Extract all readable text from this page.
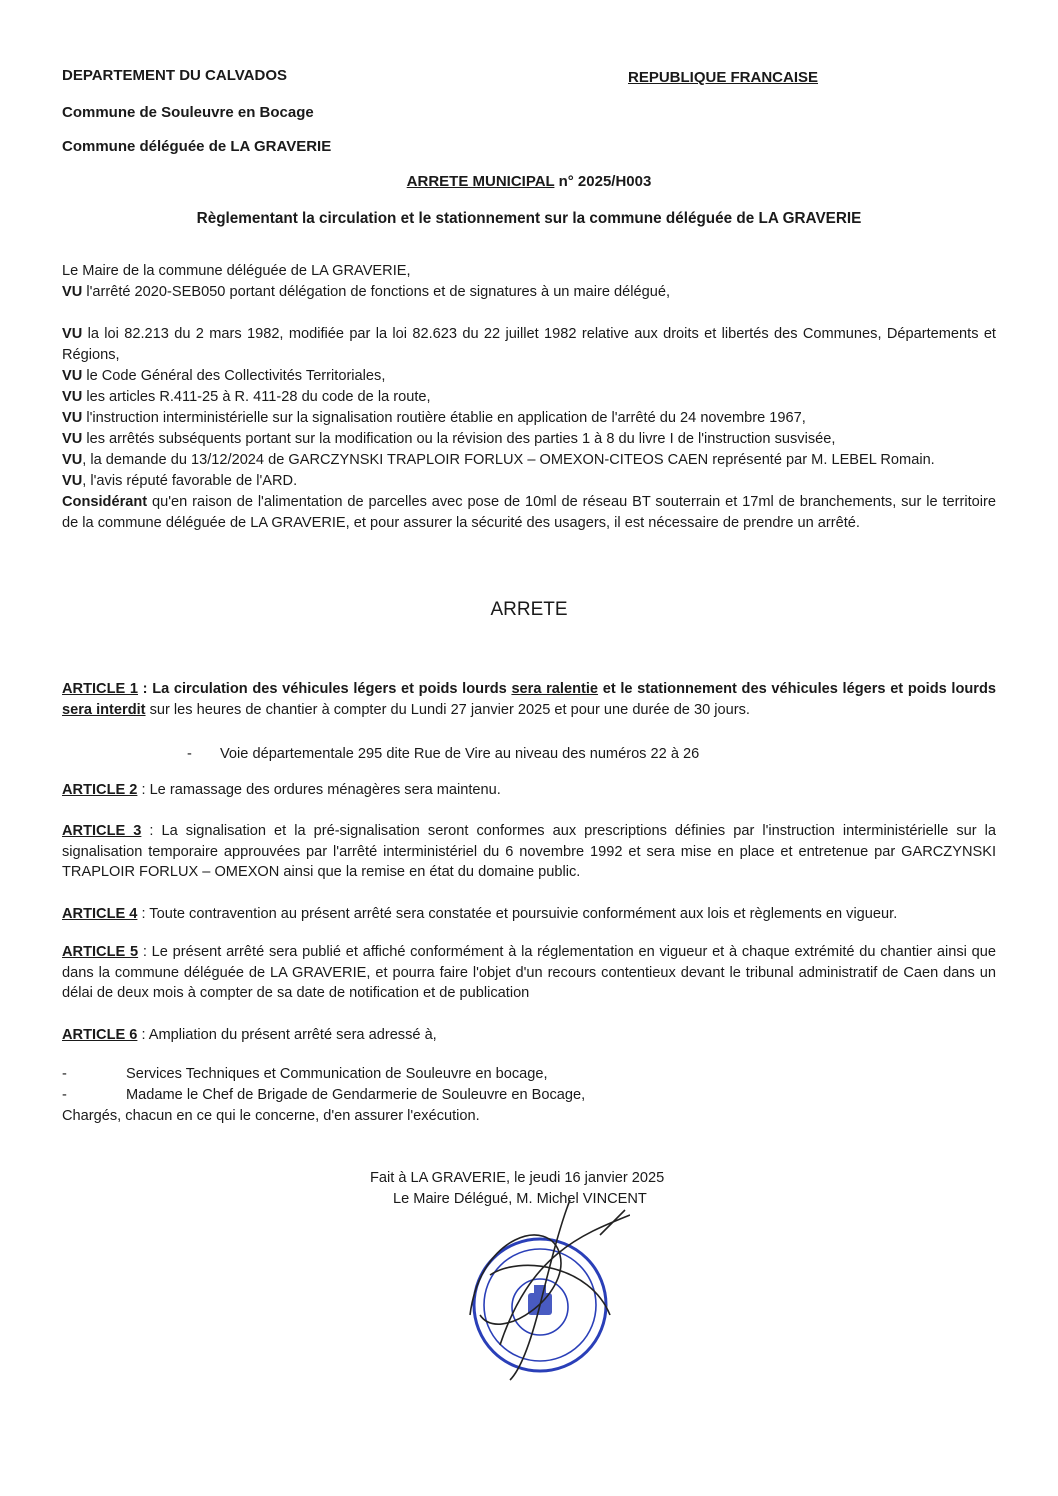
DEPARTEMENT DU CALVADOS	REPUBLIQUE FRANCAISE
Commune de Souleuvre en Bocage
Commune déléguée de LA GRAVERIE
ARRETE MUNICIPAL n° 2025/H003
Règlementant la circulation et le stationnement sur la commune déléguée de LA GRAVERIE
Le Maire de la commune déléguée de LA GRAVERIE,
VU l'arrêté 2020-SEB050 portant délégation de fonctions et de signatures à un maire délégué,
VU la loi 82.213 du 2 mars 1982, modifiée par la loi 82.623 du 22 juillet 1982 relative aux droits et libertés des Communes, Départements et Régions,
VU le Code Général des Collectivités Territoriales,
VU les articles R.411-25 à R. 411-28 du code de la route,
VU l'instruction interministérielle sur la signalisation routière établie en application de l'arrêté du 24 novembre 1967,
VU les arrêtés subséquents portant sur la modification ou la révision des parties 1 à 8 du livre I de l'instruction susvisée,
VU, la demande du 13/12/2024 de GARCZYNSKI TRAPLOIR FORLUX – OMEXON-CITEOS CAEN représenté par M. LEBEL Romain.
VU, l'avis réputé favorable de l'ARD.
Considérant qu'en raison de l'alimentation de parcelles avec pose de 10ml de réseau BT souterrain et 17ml de branchements, sur le territoire de la commune déléguée de LA GRAVERIE, et pour assurer la sécurité des usagers, il est nécessaire de prendre un arrêté.
ARRETE
ARTICLE 1 : La circulation des véhicules légers et poids lourds sera ralentie et le stationnement des véhicules légers et poids lourds sera interdit sur les heures de chantier à compter du Lundi 27 janvier 2025 et pour une durée de 30 jours.
- Voie départementale 295 dite Rue de Vire au niveau des numéros 22 à 26
ARTICLE 2 : Le ramassage des ordures ménagères sera maintenu.
ARTICLE 3 : La signalisation et la pré-signalisation seront conformes aux prescriptions définies par l'instruction interministérielle sur la signalisation temporaire approuvées par l'arrêté interministériel du 6 novembre 1992 et sera mise en place et entretenue par GARCZYNSKI TRAPLOIR FORLUX – OMEXON ainsi que la remise en état du domaine public.
ARTICLE 4 : Toute contravention au présent arrêté sera constatée et poursuivie conformément aux lois et règlements en vigueur.
ARTICLE 5 : Le présent arrêté sera publié et affiché conformément à la réglementation en vigueur et à chaque extrémité du chantier ainsi que dans la commune déléguée de LA GRAVERIE, et pourra faire l'objet d'un recours contentieux devant le tribunal administratif de Caen dans un délai de deux mois à compter de sa date de notification et de publication
ARTICLE 6 : Ampliation du présent arrêté sera adressé à,
-	Services Techniques et Communication de Souleuvre en bocage,
-	Madame le Chef de Brigade de Gendarmerie de Souleuvre en Bocage,
Chargés, chacun en ce qui le concerne, d'en assurer l'exécution.
Fait à LA GRAVERIE, le jeudi 16 janvier 2025
Le Maire Délégué, M. Michel VINCENT
